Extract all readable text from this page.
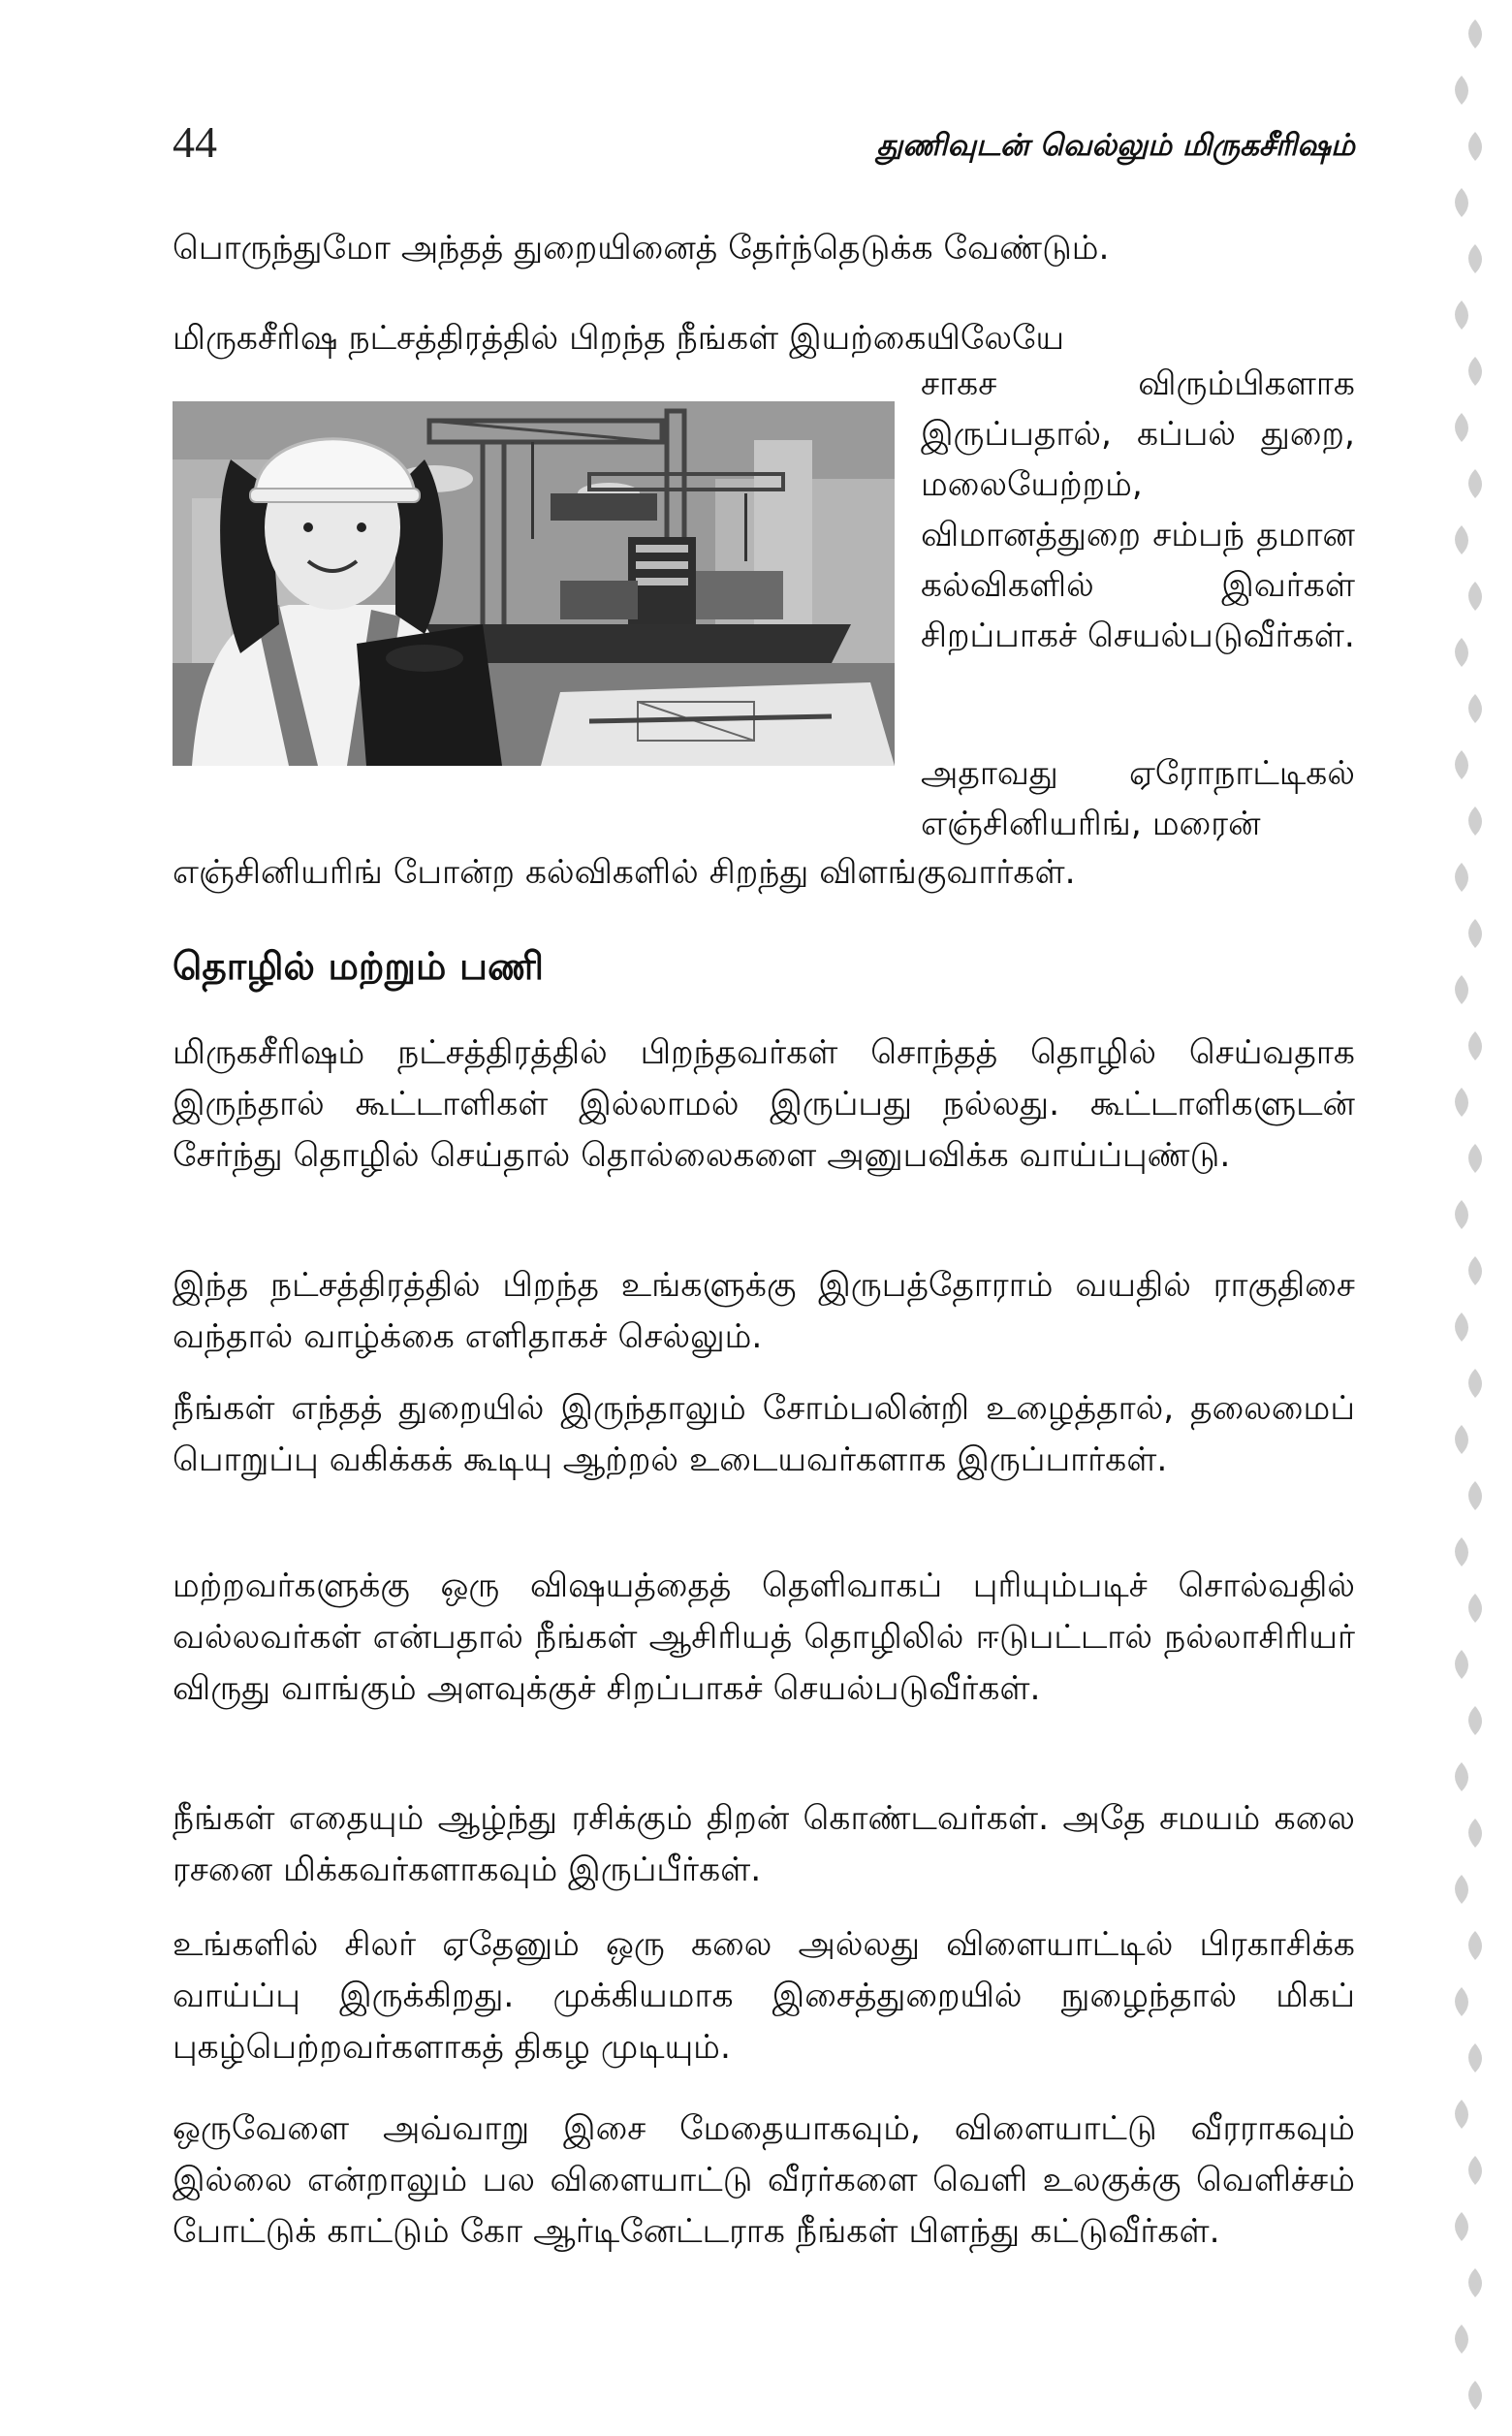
44	துணிவுடன் வெல்லும் மிருகசீரிஷம்
பொருந்துமோ அந்தத் துறையினைத் தேர்ந்தெடுக்க வேண்டும்.
மிருகசீரிஷ நட்சத்திரத்தில் பிறந்த நீங்கள் இயற்கையிலேயே
சாகச விரும்பிகளாக இருப்பதால், கப்பல் துறை, மலையேற்றம், விமானத்துறை சம்பந் தமான கல்விகளில் இவர்கள் சிறப்பாகச் செயல்படுவீர்கள்.
அதாவது ஏரோநாட்டிகல் எஞ்சினியரிங், மரைன்
எஞ்சினியரிங் போன்ற கல்விகளில் சிறந்து விளங்குவார்கள்.
தொழில் மற்றும் பணி

மிருகசீரிஷம் நட்சத்திரத்தில் பிறந்தவர்கள் சொந்தத் தொழில் செய்வதாக இருந்தால் கூட்டாளிகள் இல்லாமல் இருப்பது நல்லது. கூட்டாளிகளுடன் சேர்ந்து தொழில் செய்தால் தொல்லைகளை அனுபவிக்க வாய்ப்புண்டு.

இந்த நட்சத்திரத்தில் பிறந்த உங்களுக்கு இருபத்தோராம் வயதில் ராகுதிசை வந்தால் வாழ்க்கை எளிதாகச் செல்லும்.

நீங்கள் எந்தத் துறையில் இருந்தாலும் சோம்பலின்றி உழைத்தால், தலைமைப் பொறுப்பு வகிக்கக் கூடியு ஆற்றல் உடையவர்களாக இருப்பார்கள்.

மற்றவர்களுக்கு ஒரு விஷயத்தைத் தெளிவாகப் புரியும்படிச் சொல்வதில் வல்லவர்கள் என்பதால் நீங்கள் ஆசிரியத் தொழிலில் ஈடுபட்டால் நல்லாசிரியர் விருது வாங்கும் அளவுக்குச் சிறப்பாகச் செயல்படுவீர்கள்.

நீங்கள் எதையும் ஆழ்ந்து ரசிக்கும் திறன் கொண்டவர்கள். அதே சமயம் கலை ரசனை மிக்கவர்களாகவும் இருப்பீர்கள்.

உங்களில் சிலர் ஏதேனும் ஒரு கலை அல்லது விளையாட்டில் பிரகாசிக்க வாய்ப்பு இருக்கிறது. முக்கியமாக இசைத்துறையில் நுழைந்தால் மிகப் புகழ்பெற்றவர்களாகத் திகழ முடியும்.

ஒருவேளை அவ்வாறு இசை மேதையாகவும், விளையாட்டு வீரராகவும் இல்லை என்றாலும் பல விளையாட்டு வீரர்களை வெளி உலகுக்கு வெளிச்சம் போட்டுக் காட்டும் கோ ஆர்டினேட்டராக நீங்கள் பிளந்து கட்டுவீர்கள்.
